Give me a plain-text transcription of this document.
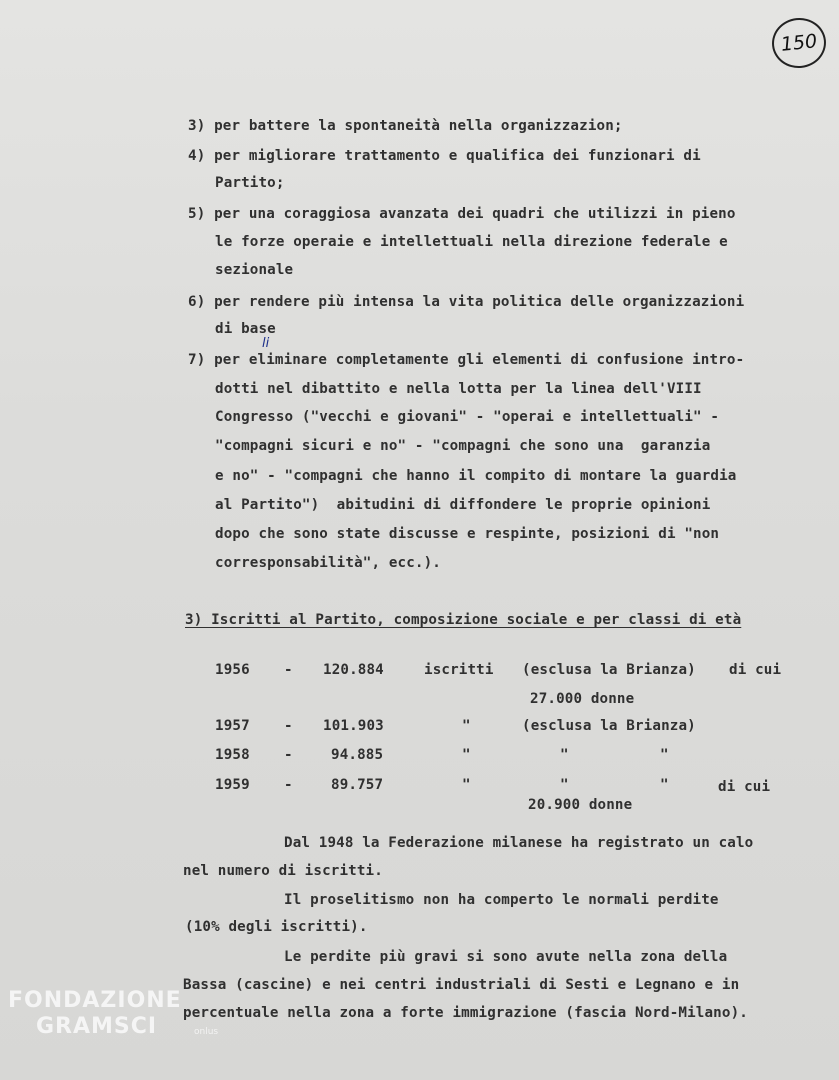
150
3) per battere la spontaneità nella organizzazion;
4) per migliorare trattamento e qualifica dei funzionari di
Partito;
5) per una coraggiosa avanzata dei quadri che utilizzi in pieno
le forze operaie e intellettuali nella direzione federale e
sezionale
6) per rendere più intensa la vita politica delle organizzazioni
di base
7) per eliminare completamente gli elementi di confusione intro-
li
dotti nel dibattito e nella lotta per la linea dell'VIII
Congresso ("vecchi e giovani" - "operai e intellettuali" -
"compagni sicuri e no" - "compagni che sono una  garanzia
e no" - "compagni che hanno il compito di montare la guardia
al Partito")  abitudini di diffondere le proprie opinioni
dopo che sono state discusse e respinte, posizioni di "non
corresponsabilità", ecc.).
3) Iscritti al Partito, composizione sociale e per classi di età
1956 - 120.884	iscritti (esclusa la Brianza) di cui
27.000 donne
1957 - 101.903	"	(esclusa la Brianza)
1958 -	94.885	"	"	"
1959 -	89.757	"	"	"	di cui
20.900 donne
Dal 1948 la Federazione milanese ha registrato un calo
nel numero di iscritti.
Il proselitismo non ha comperto le normali perdite
(10% degli iscritti).
Le perdite più gravi si sono avute nella zona della
Bassa (cascine) e nei centri industriali di Sesti e Legnano e in
percentuale nella zona a forte immigrazione (fascia Nord-Milano).
FONDAZIONE
GRAMSCI	onlus
